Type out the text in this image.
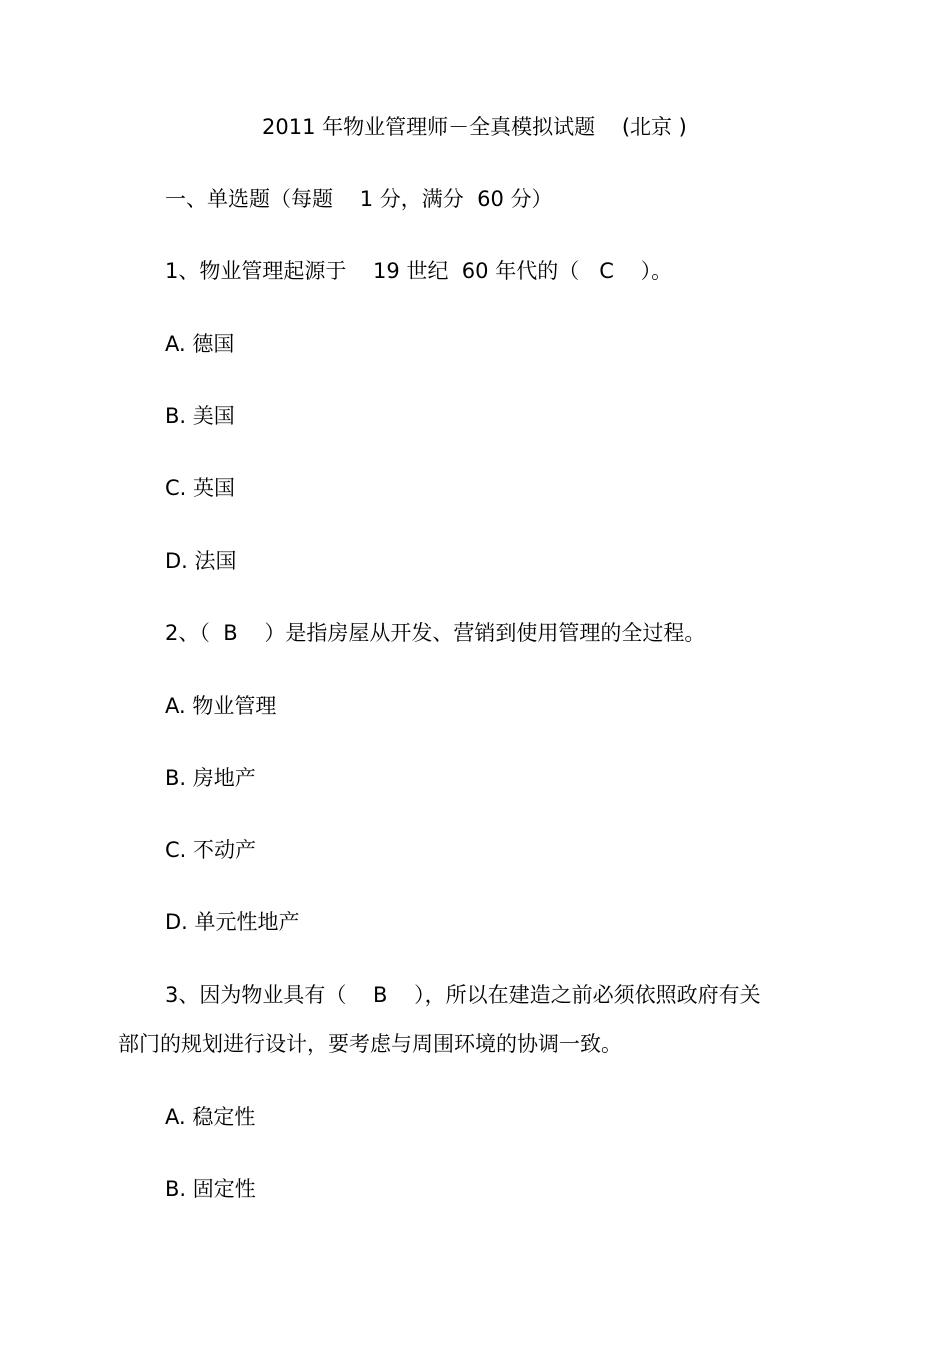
2011 年物业管理师－全真模拟试题    (北京 )
一、单选题（每题    1 分，满分  60 分）
1、物业管理起源于    19 世纪  60 年代的（   C    ）。
A. 德国
B. 美国
C. 英国
D. 法国
2、（  B    ）是指房屋从开发、营销到使用管理的全过程。
A. 物业管理
B. 房地产
C. 不动产
D. 单元性地产
3、因为物业具有（    B    ），所以在建造之前必须依照政府有关
部门的规划进行设计，要考虑与周围环境的协调一致。
A. 稳定性
B. 固定性
